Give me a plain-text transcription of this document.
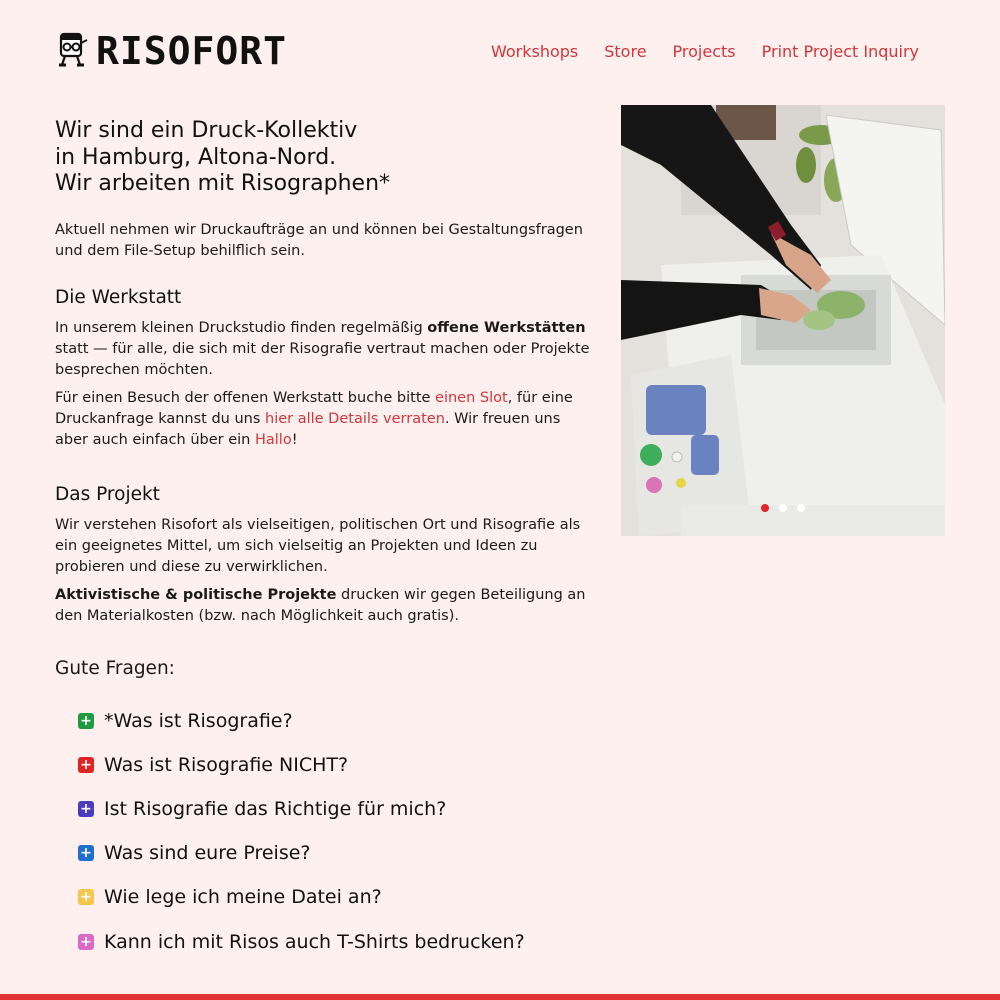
RISOFORT	Workshops Store Projects Print Project Inquiry
Wir sind ein Druck-Kollektiv
in Hamburg, Altona-Nord.
Wir arbeiten mit Risographen*

Aktuell nehmen wir Druckaufträge an und können bei Gestaltungsfragen und dem File-Setup behilflich sein.

Die Werkstatt

In unserem kleinen Druckstudio finden regelmäßig offene Werkstätten statt — für alle, die sich mit der Risografie vertraut machen oder Projekte besprechen möchten.

Für einen Besuch der offenen Werkstatt buche bitte einen Slot, für eine Druckanfrage kannst du uns hier alle Details verraten. Wir freuen uns aber auch einfach über ein Hallo!

Das Projekt

Wir verstehen Risofort als vielseitigen, politischen Ort und Risografie als ein geeignetes Mittel, um sich vielseitig an Projekten und Ideen zu probieren und diese zu verwirklichen.

Aktivistische & politische Projekte drucken wir gegen Beteiligung an den Materialkosten (bzw. nach Möglichkeit auch gratis).

Gute Fragen:
+ *Was ist Risografie?
+ Was ist Risografie NICHT?
+ Ist Risografie das Richtige für mich?
+ Was sind eure Preise?
+ Wie lege ich meine Datei an?
+ Kann ich mit Risos auch T-Shirts bedrucken?
